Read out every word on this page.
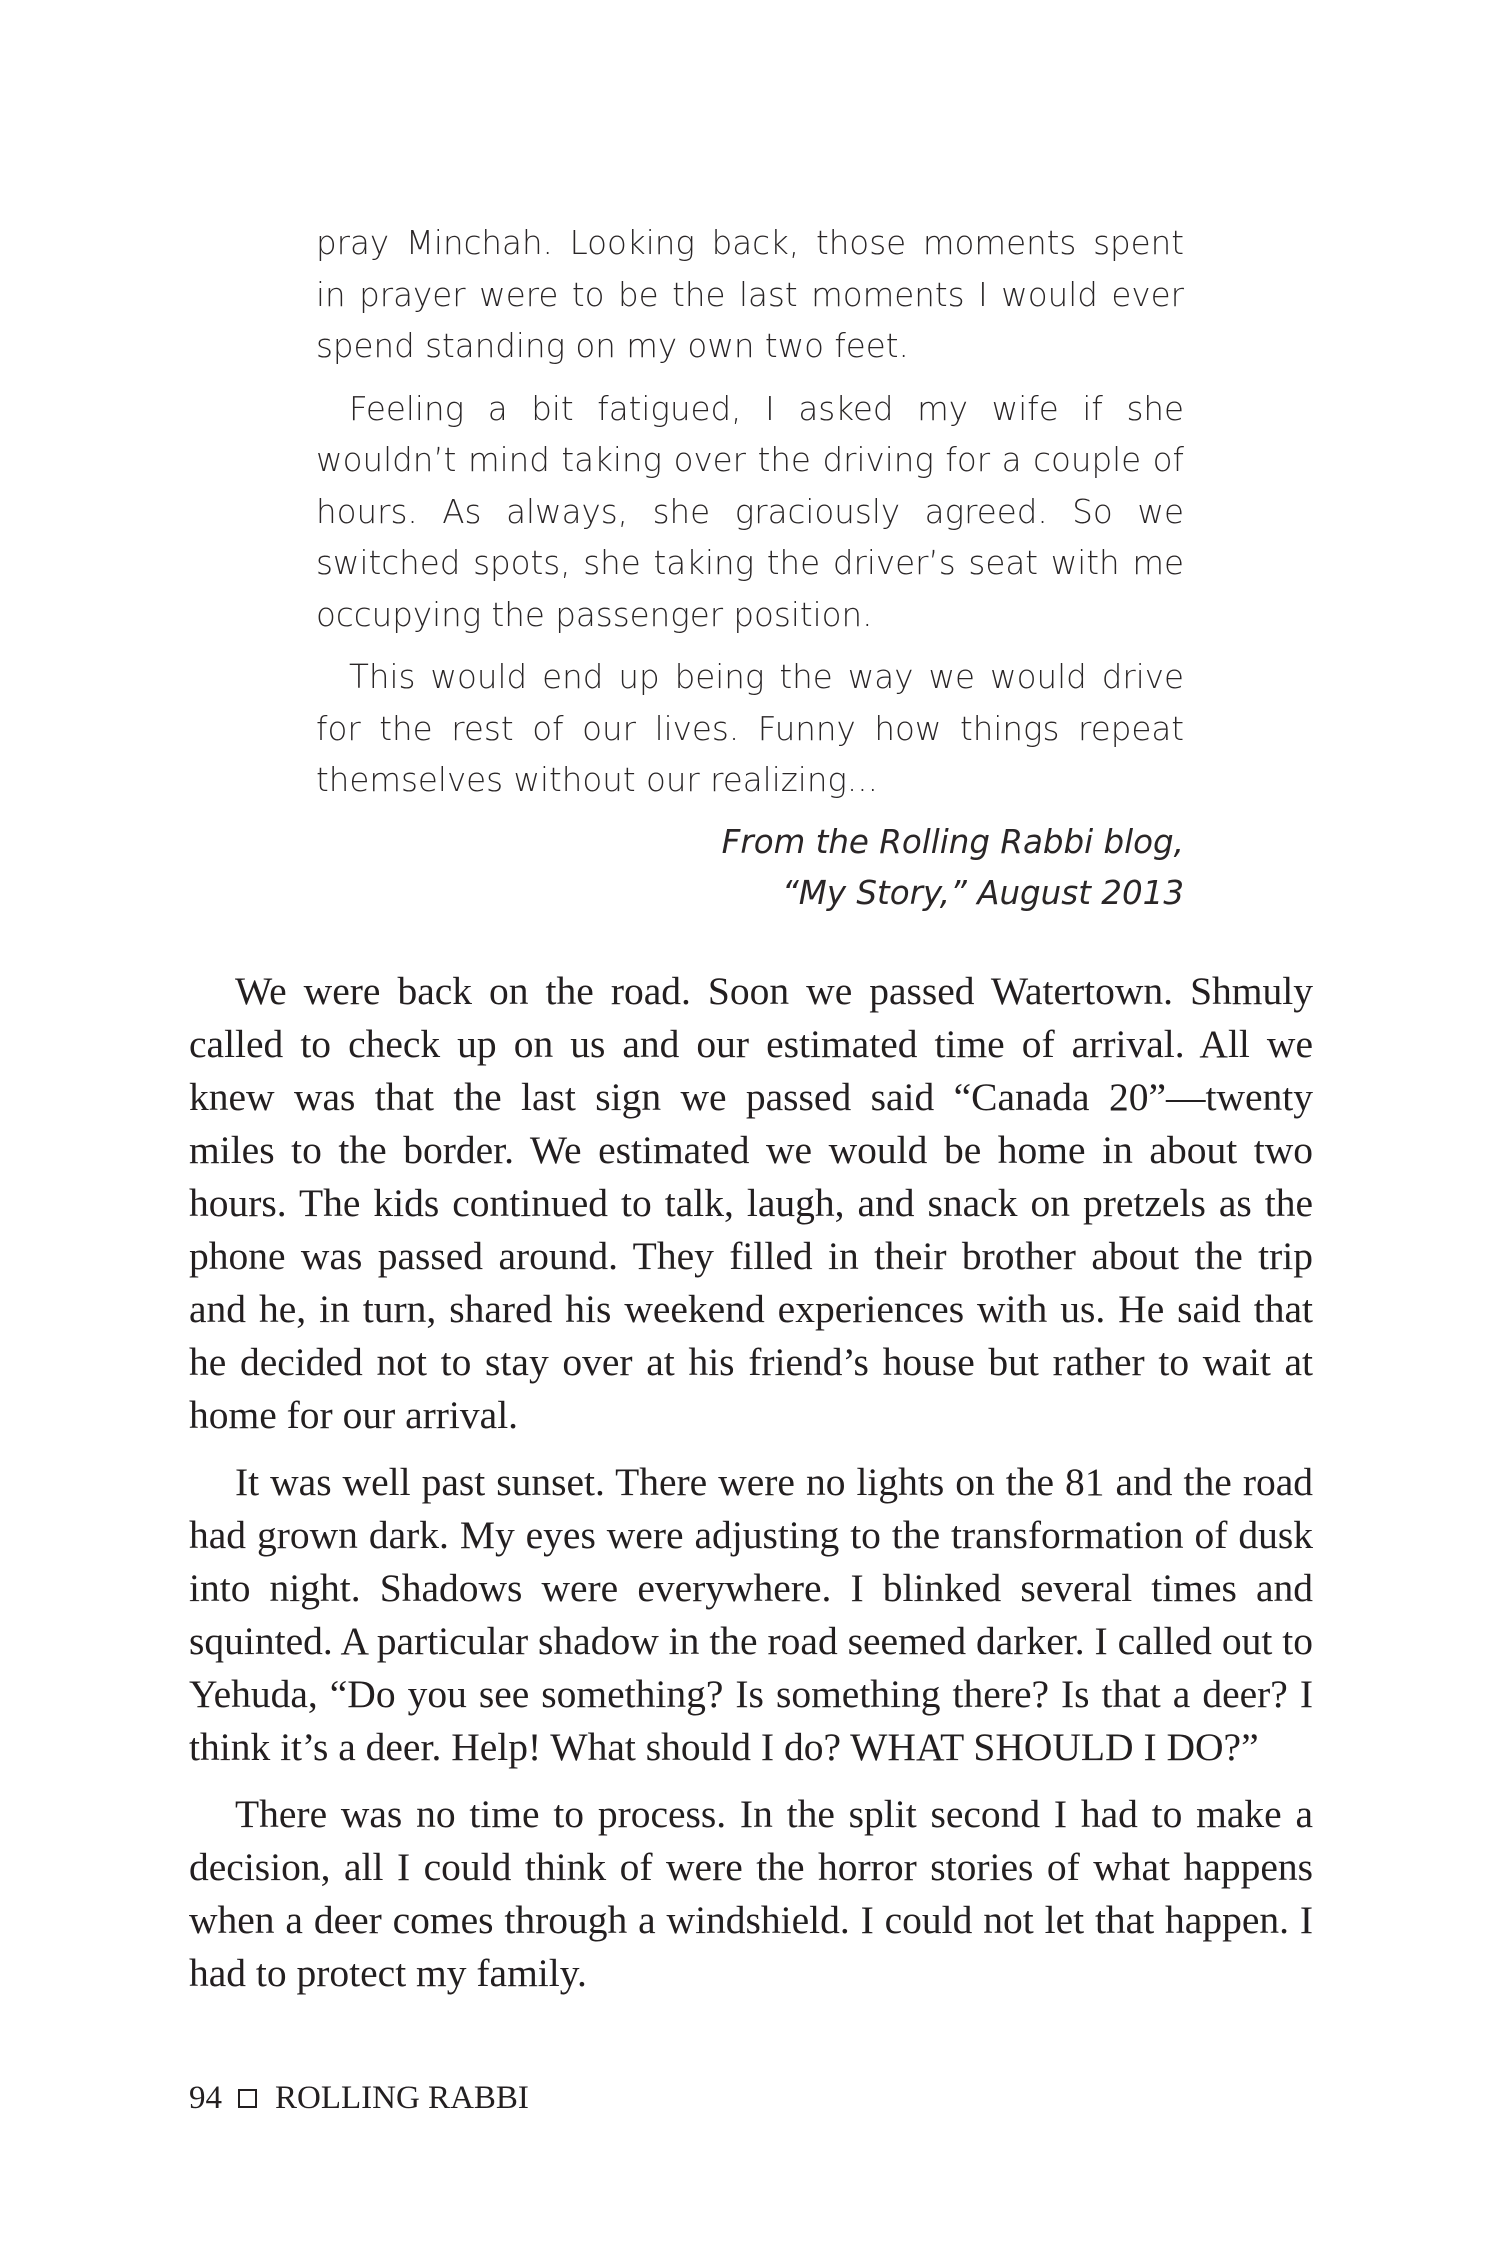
pray Minchah. Looking back, those moments spent in prayer were to be the last moments I would ever spend standing on my own two feet.

Feeling a bit fatigued, I asked my wife if she wouldn’t mind taking over the driving for a couple of hours. As always, she graciously agreed. So we switched spots, she taking the driver’s seat with me occupying the passenger position.

This would end up being the way we would drive for the rest of our lives. Funny how things repeat themselves without our realizing...

From the Rolling Rabbi blog,
“My Story,” August 2013

We were back on the road. Soon we passed Watertown. Shmuly called to check up on us and our estimated time of arrival. All we knew was that the last sign we passed said “Canada 20”—twenty miles to the border. We estimated we would be home in about two hours. The kids continued to talk, laugh, and snack on pretzels as the phone was passed around. They filled in their brother about the trip and he, in turn, shared his weekend experiences with us. He said that he decided not to stay over at his friend’s house but rather to wait at home for our arrival.

It was well past sunset. There were no lights on the 81 and the road had grown dark. My eyes were adjusting to the transformation of dusk into night. Shadows were everywhere. I blinked several times and squinted. A particular shadow in the road seemed darker. I called out to Yehuda, “Do you see something? Is something there? Is that a deer? I think it’s a deer. Help! What should I do? WHAT SHOULD I DO?”

There was no time to process. In the split second I had to make a decision, all I could think of were the horror stories of what happens when a deer comes through a windshield. I could not let that happen. I had to protect my family.

94 ROLLING RABBI
